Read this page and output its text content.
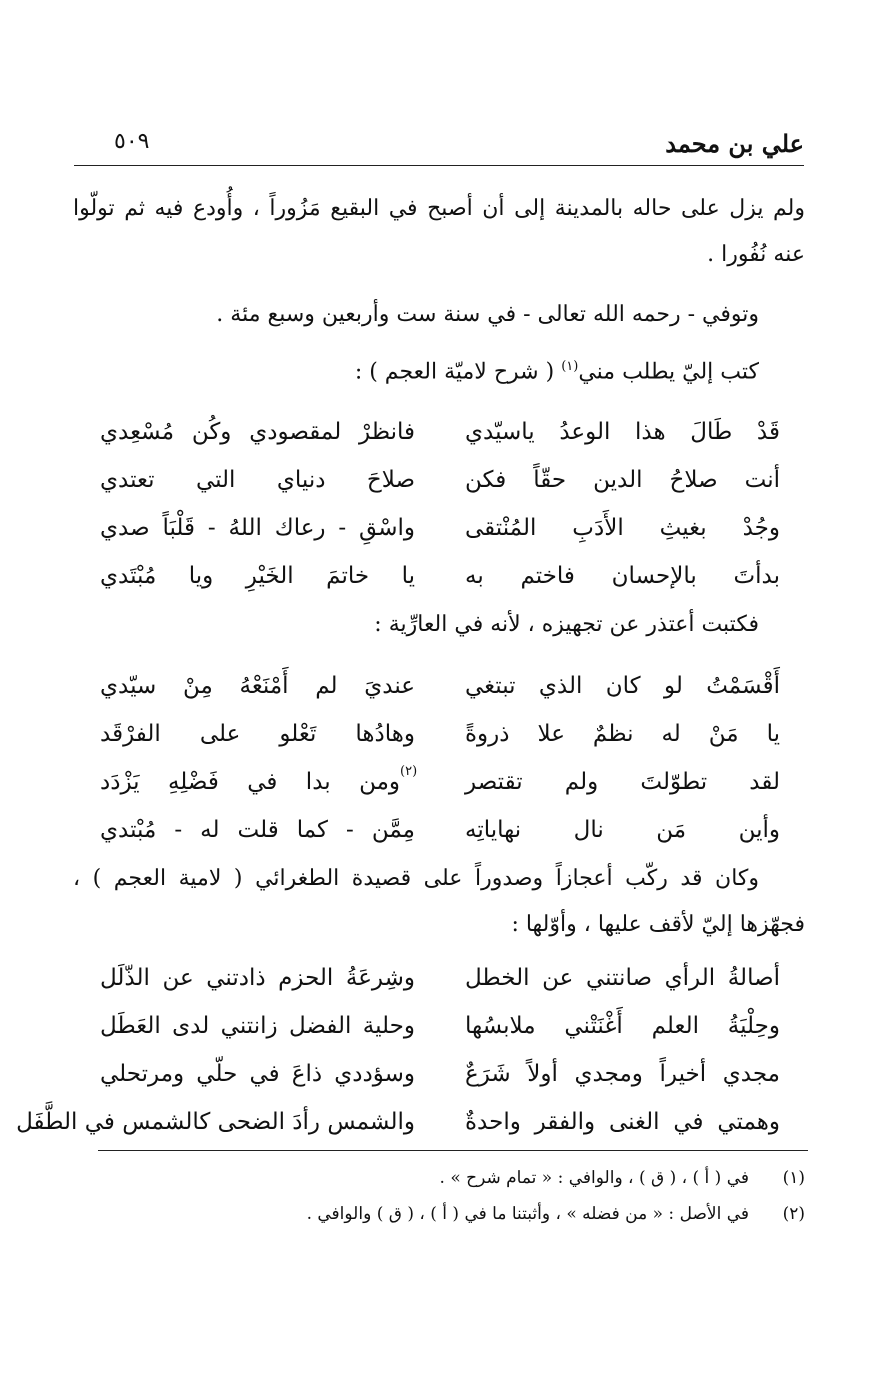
علي بن محمد
٥٠٩

ولم يزل على حاله بالمدينة إلى أن أصبح في البقيع مَزُوراً ، وأُودع فيه ثم تولّوا عنه نُفُورا .

وتوفي - رحمه الله تعالى - في سنة ست وأربعين وسبع مئة .

كتب إليّ يطلب مني$^{(١)}$ ( شرح لاميّة العجم ) :

قَدْ طَالَ هذا الوعدُ ياسيّدي
فانظرْ لمقصودي وكُن مُسْعِدي
أنت صلاحُ الدين حقّاً فكن
صلاحَ دنياي التي تعتدي
وجُدْ بغيثِ الأَدَبِ المُنْتقى
واسْقِ - رعاك اللهُ - قَلْبَاً صدي
بدأتَ بالإحسان فاختم به
يا خاتمَ الخَيْرِ ويا مُبْتَدي

فكتبت أعتذر عن تجهيزه ، لأنه في العارِّية :

أَقْسَمْتُ لو كان الذي تبتغي
عنديَ لم أَمْنَعْهُ مِنْ سيّدي
يا مَنْ له نظمٌ علا ذروةً
وهادُها تَعْلو على الفرْقَد
لقد تطوّلتَ ولم تقتصر
ومن بدا في فَضْلِهِ يَزْدَد (٢)
وأين مَن نال نهاياتِه
مِمَّن - كما قلت له - مُبْتدي

وكان قد ركّب أعجازاً وصدوراً على قصيدة الطغرائي ( لامية العجم ) ، فجهّزها إليّ لأقف عليها ، وأوّلها :

أصالةُ الرأي صانتني عن الخطل
وشِرعَةُ الحزم ذادتني عن الذّلَل
وحِلْيَةُ العلم أَغْنَتْني ملابسُها
وحلية الفضل زانتني لدى العَطَل
مجدي أخيراً ومجدي أولاً شَرَعٌ
وسؤددي ذاعَ في حلّي ومرتحلي
وهمتي في الغنى والفقر واحدةٌ
والشمس رأدَ الضحى كالشمس في الطَّفَل
(١)
في ( أ ) ، ( ق ) ، والوافي : « تمام شرح » .
(٢)
في الأصل : « من فضله » ، وأثبتنا ما في ( أ ) ، ( ق ) والوافي .
